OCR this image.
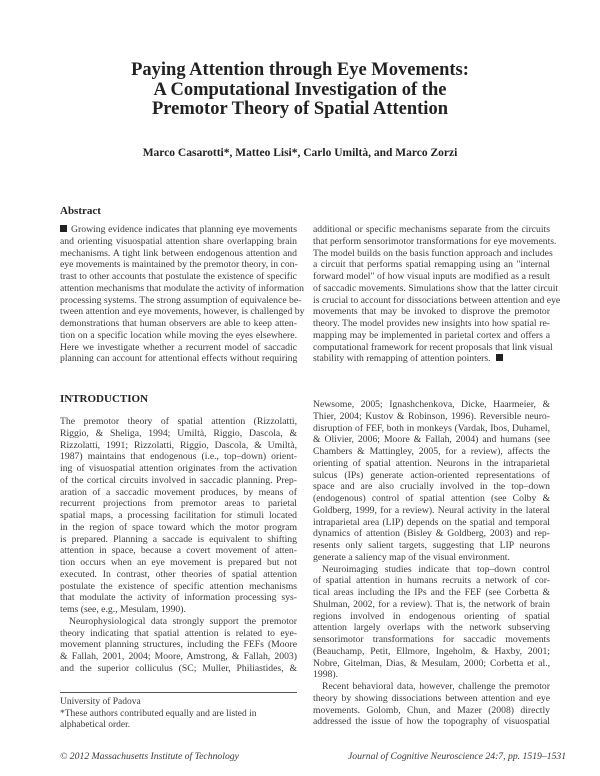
Paying Attention through Eye Movements:
A Computational Investigation of the
Premotor Theory of Spatial Attention
Marco Casarotti*, Matteo Lisi*, Carlo Umiltà, and Marco Zorzi
Abstract
Growing evidence indicates that planning eye movements
and orienting visuospatial attention share overlapping brain
mechanisms. A tight link between endogenous attention and
eye movements is maintained by the premotor theory, in con-
trast to other accounts that postulate the existence of specific
attention mechanisms that modulate the activity of information
processing systems. The strong assumption of equivalence be-
tween attention and eye movements, however, is challenged by
demonstrations that human observers are able to keep atten-
tion on a specific location while moving the eyes elsewhere.
Here we investigate whether a recurrent model of saccadic
planning can account for attentional effects without requiring
additional or specific mechanisms separate from the circuits
that perform sensorimotor transformations for eye movements.
The model builds on the basis function approach and includes
a circuit that performs spatial remapping using an "internal
forward model" of how visual inputs are modified as a result
of saccadic movements. Simulations show that the latter circuit
is crucial to account for dissociations between attention and eye
movements that may be invoked to disprove the premotor
theory. The model provides new insights into how spatial re-
mapping may be implemented in parietal cortex and offers a
computational framework for recent proposals that link visual
stability with remapping of attention pointers.
INTRODUCTION
The premotor theory of spatial attention (Rizzolatti,
Riggio, & Sheliga, 1994; Umiltà, Riggio, Dascola, &
Rizzolatti, 1991; Rizzolatti, Riggio, Dascola, & Umiltà,
1987) maintains that endogenous (i.e., top–down) orient-
ing of visuospatial attention originates from the activation
of the cortical circuits involved in saccadic planning. Prep-
aration of a saccadic movement produces, by means of
recurrent projections from premotor areas to parietal
spatial maps, a processing facilitation for stimuli located
in the region of space toward which the motor program
is prepared. Planning a saccade is equivalent to shifting
attention in space, because a covert movement of atten-
tion occurs when an eye movement is prepared but not
executed. In contrast, other theories of spatial attention
postulate the existence of specific attention mechanisms
that modulate the activity of information processing sys-
tems (see, e.g., Mesulam, 1990).
Neurophysiological data strongly support the premotor
theory indicating that spatial attention is related to eye-
movement planning structures, including the FEFs (Moore
& Fallah, 2001, 2004; Moore, Amstrong, & Fallah, 2003)
and the superior colliculus (SC; Muller, Philiastides, &
Newsome, 2005; Ignashchenkova, Dicke, Haarmeier, &
Thier, 2004; Kustov & Robinson, 1996). Reversible neuro-
disruption of FEF, both in monkeys (Vardak, Ibos, Duhamel,
& Olivier, 2006; Moore & Fallah, 2004) and humans (see
Chambers & Mattingley, 2005, for a review), affects the
orienting of spatial attention. Neurons in the intraparietal
sulcus (IPs) generate action-oriented representations of
space and are also crucially involved in the top–down
(endogenous) control of spatial attention (see Colby &
Goldberg, 1999, for a review). Neural activity in the lateral
intraparietal area (LIP) depends on the spatial and temporal
dynamics of attention (Bisley & Goldberg, 2003) and rep-
resents only salient targets, suggesting that LIP neurons
generate a saliency map of the visual environment.
Neuroimaging studies indicate that top–down control
of spatial attention in humans recruits a network of cor-
tical areas including the IPs and the FEF (see Corbetta &
Shulman, 2002, for a review). That is, the network of brain
regions involved in endogenous orienting of spatial
attention largely overlaps with the network subserving
sensorimotor transformations for saccadic movements
(Beauchamp, Petit, Ellmore, Ingeholm, & Haxby, 2001;
Nobre, Gitelman, Dias, & Mesulam, 2000; Corbetta et al.,
1998).
Recent behavioral data, however, challenge the premotor
theory by showing dissociations between attention and eye
movements. Golomb, Chun, and Mazer (2008) directly
addressed the issue of how the topography of visuospatial
University of Padova
*These authors contributed equally and are listed in alphabetical order.
© 2012 Massachusetts Institute of Technology	Journal of Cognitive Neuroscience 24:7, pp. 1519–1531
